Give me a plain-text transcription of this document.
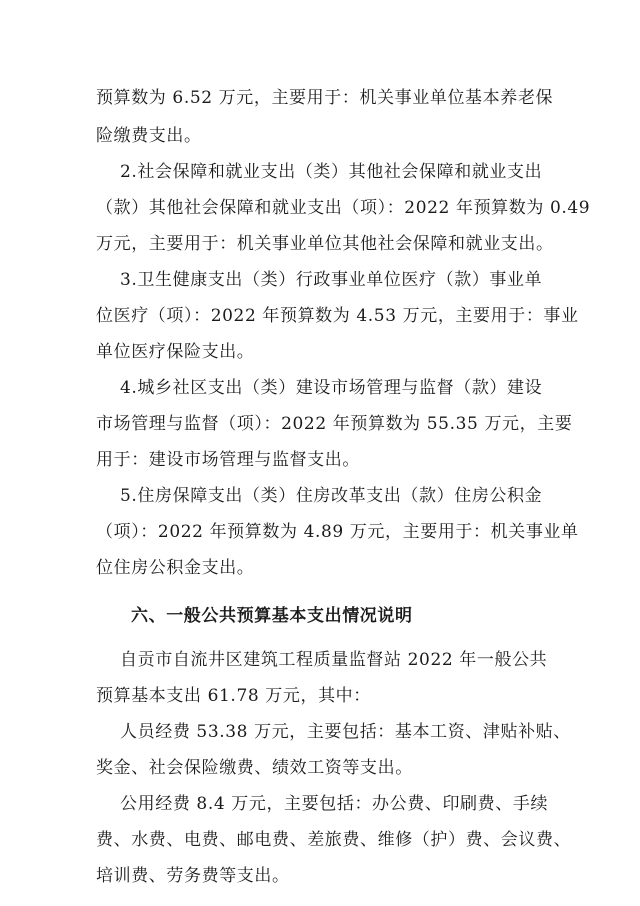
预算数为 6.52 万元，主要用于：机关事业单位基本养老保
险缴费支出。
2.社会保障和就业支出（类）其他社会保障和就业支出
（款）其他社会保障和就业支出（项）：2022 年预算数为 0.49
万元，主要用于：机关事业单位其他社会保障和就业支出。
3.卫生健康支出（类）行政事业单位医疗（款）事业单
位医疗（项）：2022 年预算数为 4.53 万元，主要用于：事业
单位医疗保险支出。
4.城乡社区支出（类）建设市场管理与监督（款）建设
市场管理与监督（项）：2022 年预算数为 55.35 万元，主要
用于：建设市场管理与监督支出。
5.住房保障支出（类）住房改革支出（款）住房公积金
（项）：2022 年预算数为 4.89 万元，主要用于：机关事业单
位住房公积金支出。
六、一般公共预算基本支出情况说明
自贡市自流井区建筑工程质量监督站 2022 年一般公共
预算基本支出 61.78 万元，其中：
人员经费 53.38 万元，主要包括：基本工资、津贴补贴、
奖金、社会保险缴费、绩效工资等支出。
公用经费 8.4 万元，主要包括：办公费、印刷费、手续
费、水费、电费、邮电费、差旅费、维修（护）费、会议费、
培训费、劳务费等支出。
